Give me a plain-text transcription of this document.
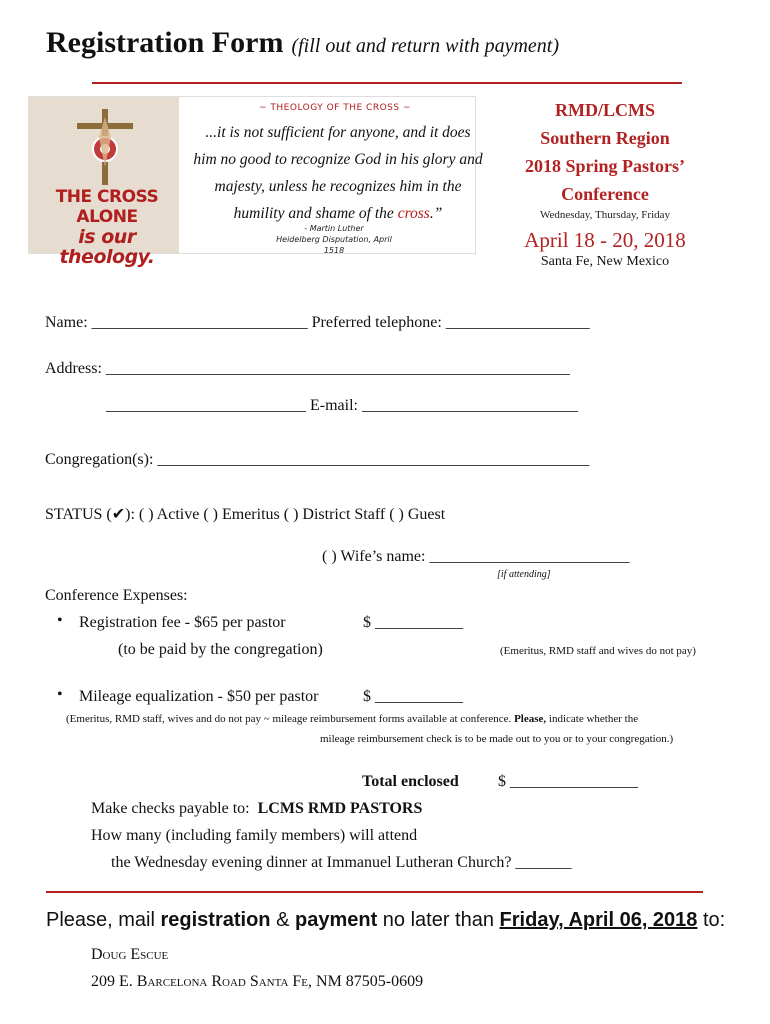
Registration Form (fill out and return with payment)
THE CROSS ALONE
is our theology.
~ THEOLOGY OF THE CROSS ~
...it is not sufficient for anyone, and it does him no good to recognize God in his glory and majesty, unless he recognizes him in the humility and shame of the cross.”
- Martin Luther
Heidelberg Disputation, April 1518
RMD/LCMS
Southern Region
2018 Spring Pastors’
Conference
Wednesday, Thursday, Friday
April 18 - 20, 2018
Santa Fe, New Mexico
Name: ___________________________ Preferred telephone: __________________
Address: __________________________________________________________
_________________________ E-mail: ___________________________
Congregation(s): ______________________________________________________
STATUS (✔): ( ) Active ( ) Emeritus ( ) District Staff ( ) Guest
( ) Wife’s name: _________________________
[if attending]
Conference Expenses:
• Registration fee - $65 per pastor	$ ___________
(to be paid by the congregation)	(Emeritus, RMD staff and wives do not pay)
• Mileage equalization - $50 per pastor	$ ___________
(Emeritus, RMD staff, wives and do not pay ~ mileage reimbursement forms available at conference. Please, indicate whether the
mileage reimbursement check is to be made out to you or to your congregation.)
Total enclosed $ ________________
Make checks payable to: LCMS RMD PASTORS
How many (including family members) will attend
the Wednesday evening dinner at Immanuel Lutheran Church? _______
Please, mail registration & payment no later than Friday, April 06, 2018 to:
Doug Escue
209 E. Barcelona Road Santa Fe, NM 87505-0609
